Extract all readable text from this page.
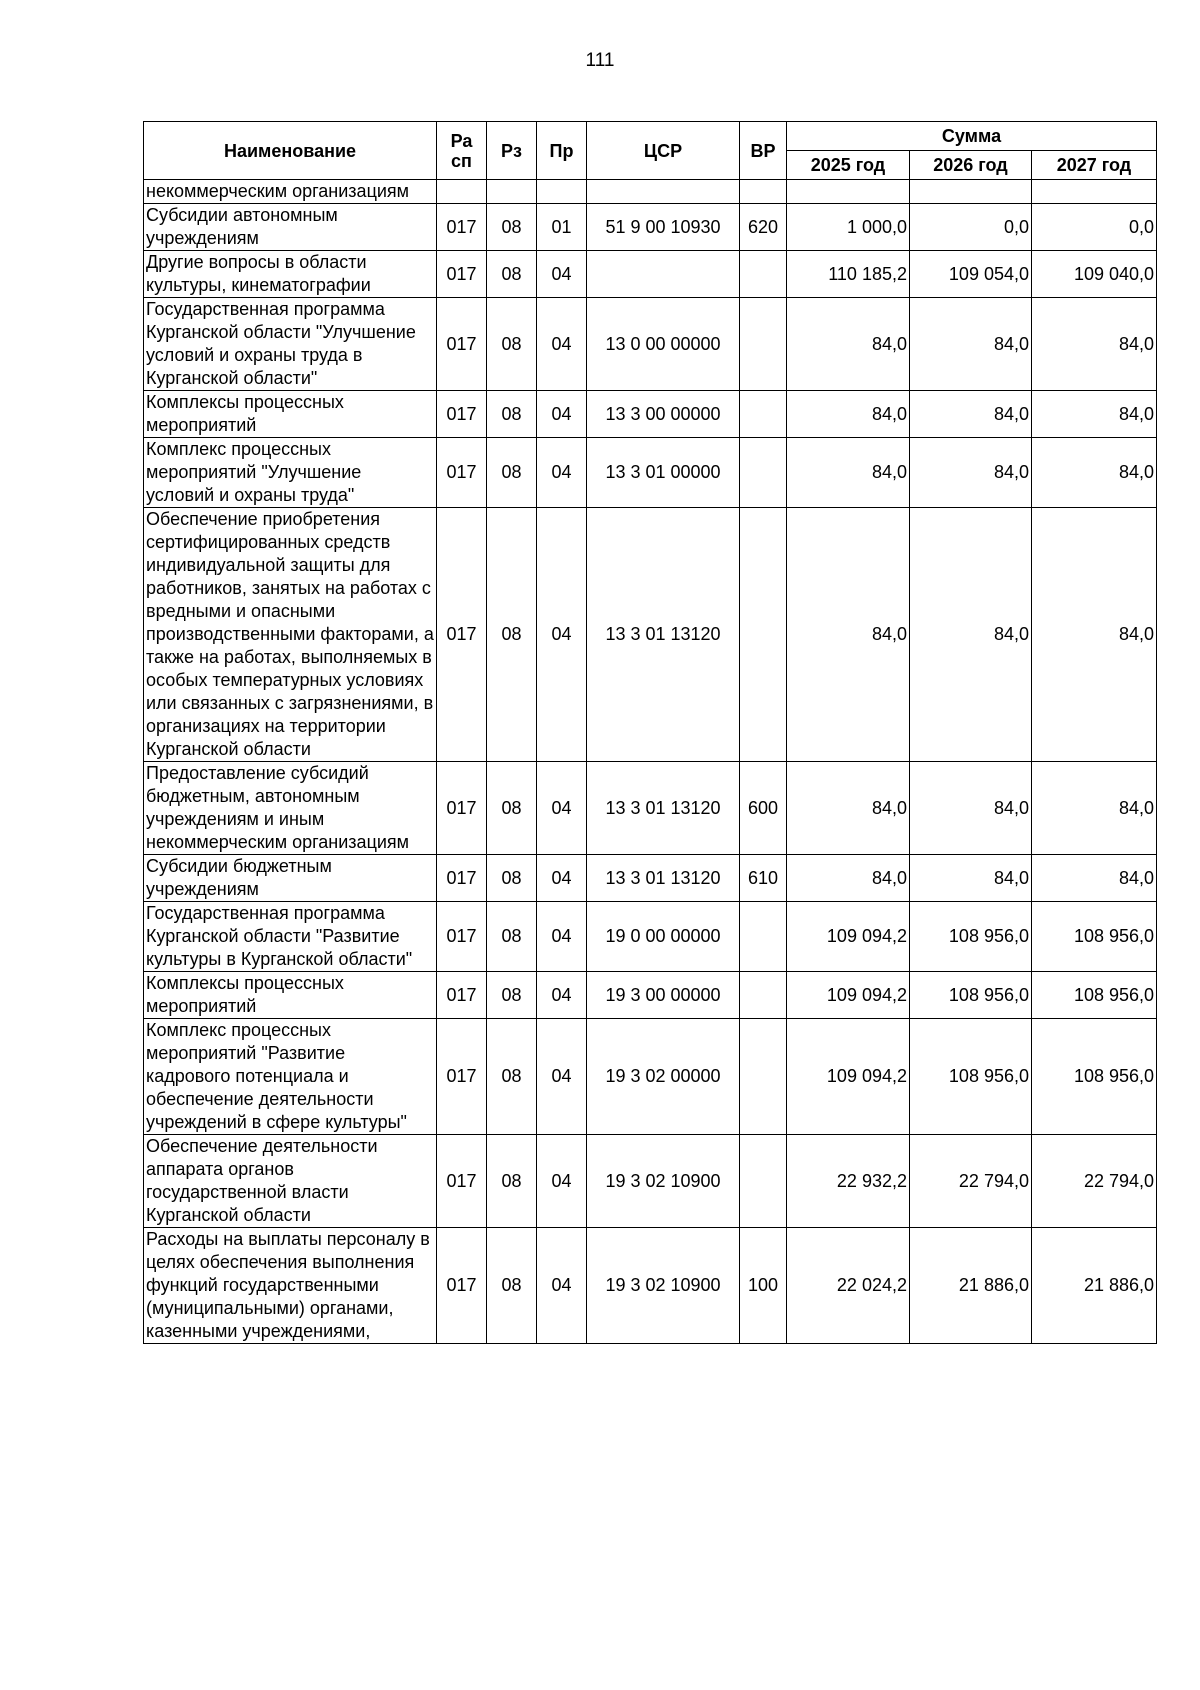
111
Наименование	Ра сп	Рз	Пр	ЦСР	ВР	Сумма		
						2025 год	2026 год	2027 год
некоммерческим организациям								
Субсидии автономным учреждениям	017	08	01	51 9 00 10930	620	1 000,0	0,0	0,0
Другие вопросы в области культуры, кинематографии	017	08	04			110 185,2	109 054,0	109 040,0
Государственная программа Курганской области "Улучшение условий и охраны труда в Курганской области"	017	08	04	13 0 00 00000		84,0	84,0	84,0
Комплексы процессных мероприятий	017	08	04	13 3 00 00000		84,0	84,0	84,0
Комплекс процессных мероприятий "Улучшение условий и охраны труда"	017	08	04	13 3 01 00000		84,0	84,0	84,0
Обеспечение приобретения сертифицированных средств индивидуальной защиты для работников, занятых на работах с вредными и опасными производственными факторами, а также на работах, выполняемых в особых температурных условиях или связанных с загрязнениями, в организациях на территории Курганской области	017	08	04	13 3 01 13120		84,0	84,0	84,0
Предоставление субсидий бюджетным, автономным учреждениям и иным некоммерческим организациям	017	08	04	13 3 01 13120	600	84,0	84,0	84,0
Субсидии бюджетным учреждениям	017	08	04	13 3 01 13120	610	84,0	84,0	84,0
Государственная программа Курганской области "Развитие культуры в Курганской области"	017	08	04	19 0 00 00000		109 094,2	108 956,0	108 956,0
Комплексы процессных мероприятий	017	08	04	19 3 00 00000		109 094,2	108 956,0	108 956,0
Комплекс процессных мероприятий "Развитие кадрового потенциала и обеспечение деятельности учреждений в сфере культуры"	017	08	04	19 3 02 00000		109 094,2	108 956,0	108 956,0
Обеспечение деятельности аппарата органов государственной власти Курганской области	017	08	04	19 3 02 10900		22 932,2	22 794,0	22 794,0
Расходы на выплаты персоналу в целях обеспечения выполнения функций государственными (муниципальными) органами, казенными учреждениями,	017	08	04	19 3 02 10900	100	22 024,2	21 886,0	21 886,0
